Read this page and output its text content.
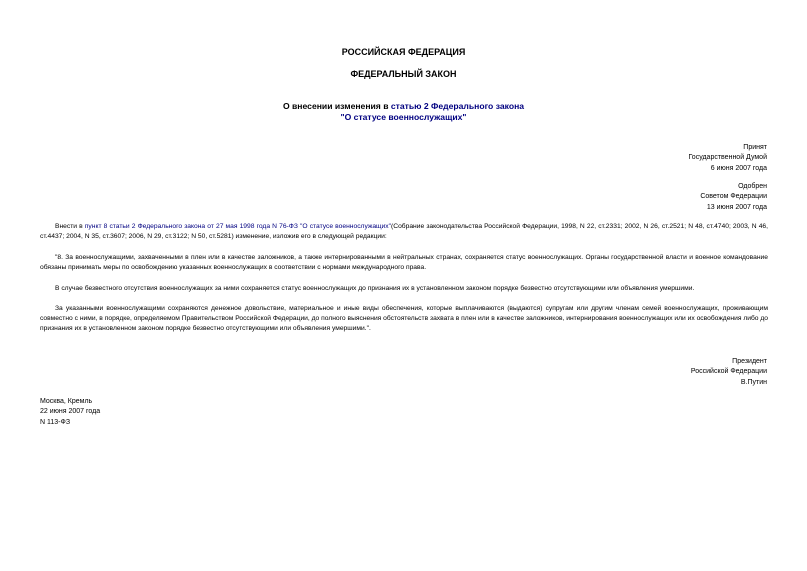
РОССИЙСКАЯ ФЕДЕРАЦИЯ
ФЕДЕРАЛЬНЫЙ ЗАКОН
О внесении изменения в статью 2 Федерального закона
"О статусе военнослужащих"
Принят
Государственной Думой
6 июня 2007 года
Одобрен
Советом Федерации
13 июня 2007 года
Внести в пункт 8 статьи 2 Федерального закона от 27 мая 1998 года N 76-ФЗ "О статусе военнослужащих"(Собрание законодательства Российской Федерации, 1998, N 22, ст.2331; 2002, N 26, ст.2521; N 48, ст.4740; 2003, N 46, ст.4437; 2004, N 35, ст.3607; 2006, N 29, ст.3122; N 50, ст.5281) изменение, изложив его в следующей редакции:
"8. За военнослужащими, захваченными в плен или в качестве заложников, а также интернированными в нейтральных странах, сохраняется статус военнослужащих. Органы государственной власти и военное командование обязаны принимать меры по освобождению указанных военнослужащих в соответствии с нормами международного права.
В случае безвестного отсутствия военнослужащих за ними сохраняется статус военнослужащих до признания их в установленном законом порядке безвестно отсутствующими или объявления умершими.
За указанными военнослужащими сохраняются денежное довольствие, материальное и иные виды обеспечения, которые выплачиваются (выдаются) супругам или другим членам семей военнослужащих, проживающим совместно с ними, в порядке, определяемом Правительством Российской Федерации, до полного выяснения обстоятельств захвата в плен или в качестве заложников, интернирования военнослужащих или их освобождения либо до признания их в установленном законом порядке безвестно отсутствующими или объявления умершими.".
Президент
Российской Федерации
В.Путин
Москва, Кремль
22 июня 2007 года
N 113-ФЗ
